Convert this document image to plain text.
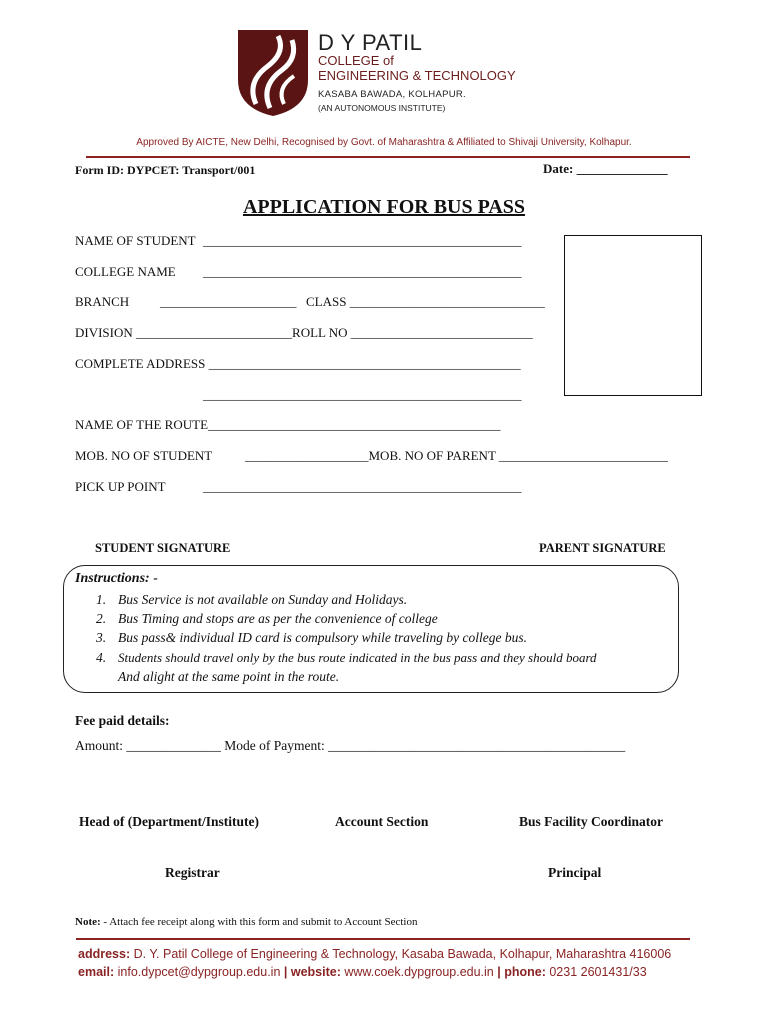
D Y PATIL
COLLEGE of
ENGINEERING & TECHNOLOGY
KASABA BAWADA, KOLHAPUR.
(AN AUTONOMOUS INSTITUTE)
Approved By AICTE, New Delhi, Recognised by Govt. of Maharashtra & Affiliated to Shivaji University, Kolhapur.
Form ID: DYPCET: Transport/001	Date: ______________
APPLICATION FOR BUS PASS
NAME OF STUDENT _________________________________________________
COLLEGE NAME _________________________________________________
BRANCH _____________________ CLASS ______________________________
DIVISION ________________________ROLL NO ____________________________
COMPLETE ADDRESS ________________________________________________
_________________________________________________
NAME OF THE ROUTE_____________________________________________
MOB. NO OF STUDENT	___________________MOB. NO OF PARENT __________________________
PICK UP POINT	_________________________________________________
STUDENT SIGNATURE	PARENT SIGNATURE
Instructions: -
1. Bus Service is not available on Sunday and Holidays.
2. Bus Timing and stops are as per the convenience of college
3. Bus pass& individual ID card is compulsory while traveling by college bus.
4. Students should travel only by the bus route indicated in the bus pass and they should board
And alight at the same point in the route.
Fee paid details:
Amount: ______________ Mode of Payment: ____________________________________________
Head of (Department/Institute)	Account Section	Bus Facility Coordinator
Registrar	Principal
Note: - Attach fee receipt along with this form and submit to Account Section
address: D. Y. Patil College of Engineering & Technology, Kasaba Bawada, Kolhapur, Maharashtra 416006
email: info.dypcet@dypgroup.edu.in | website: www.coek.dypgroup.edu.in | phone: 0231 2601431/33
